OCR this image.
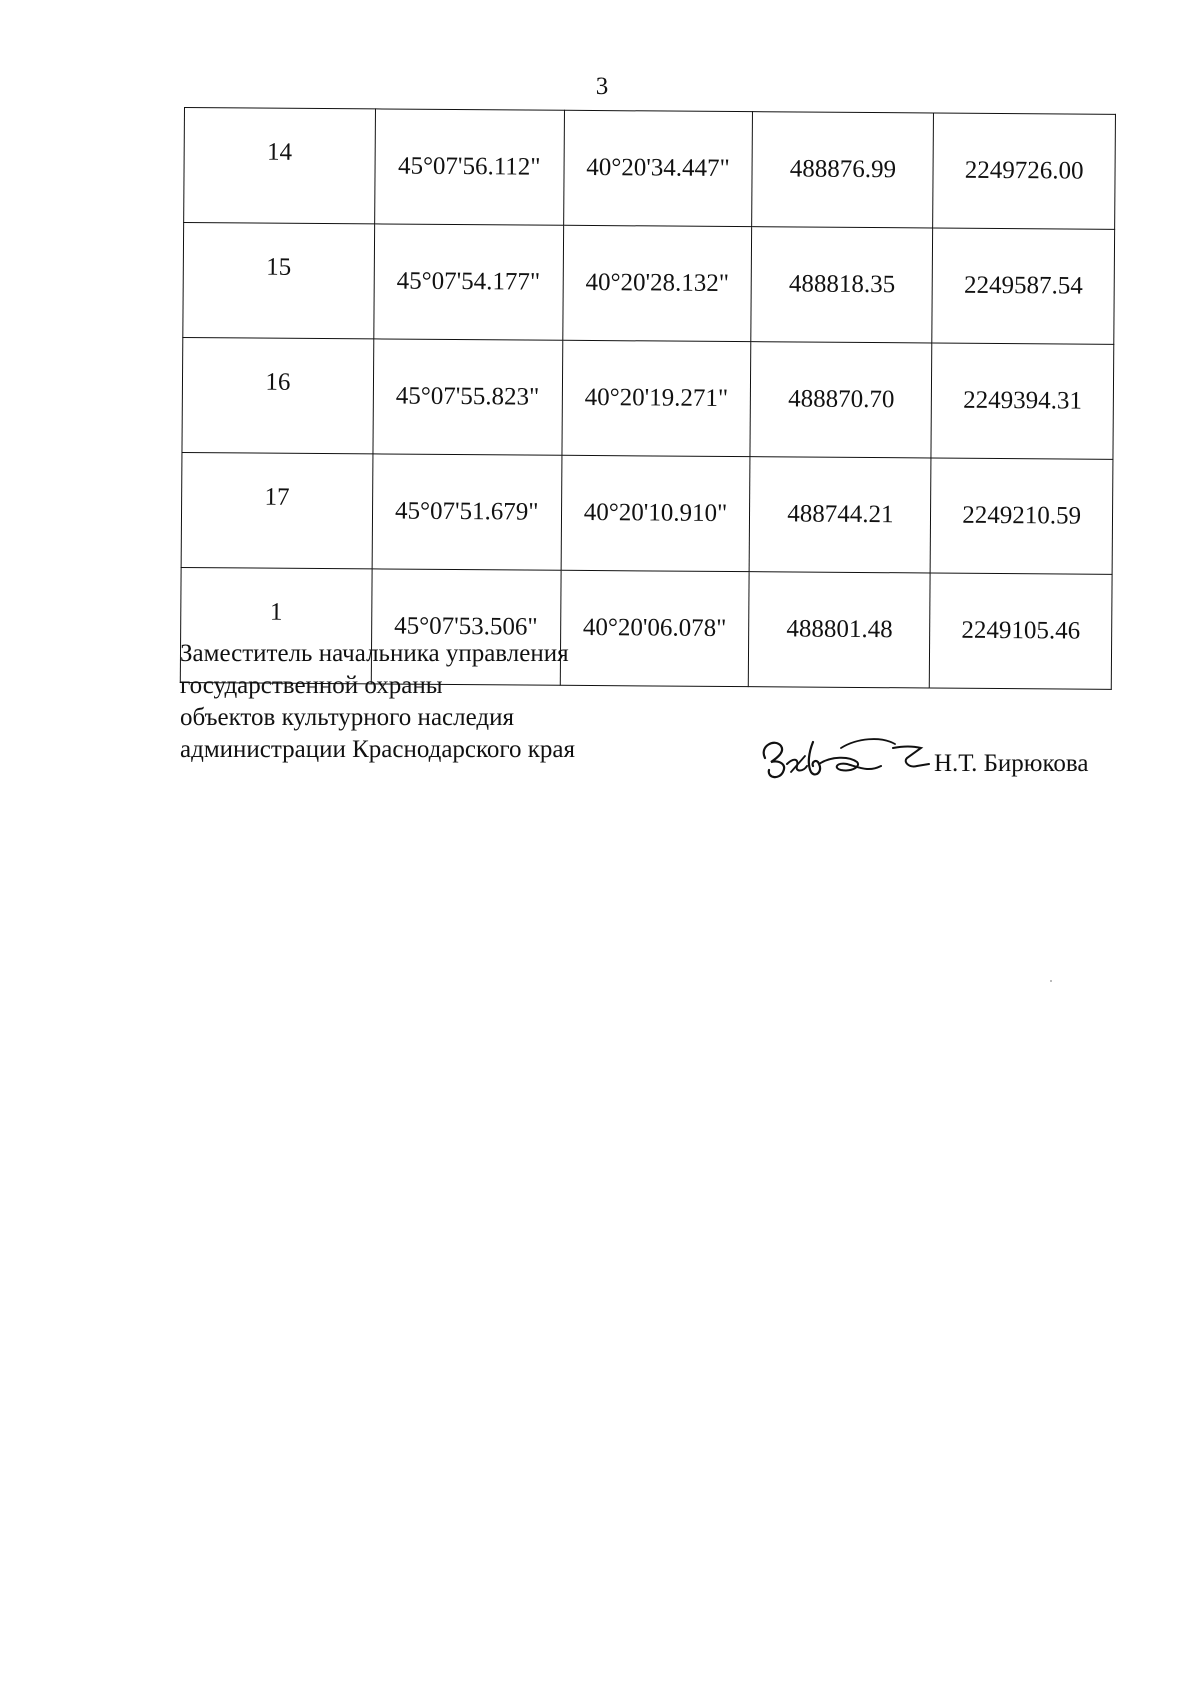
3
14	45°07'56.112"	40°20'34.447"	488876.99	2249726.00
15	45°07'54.177"	40°20'28.132"	488818.35	2249587.54
16	45°07'55.823"	40°20'19.271"	488870.70	2249394.31
17	45°07'51.679"	40°20'10.910"	488744.21	2249210.59
1	45°07'53.506"	40°20'06.078"	488801.48	2249105.46
Заместитель начальника управления
государственной охраны
объектов культурного наследия
администрации Краснодарского края
Н.Т. Бирюкова
